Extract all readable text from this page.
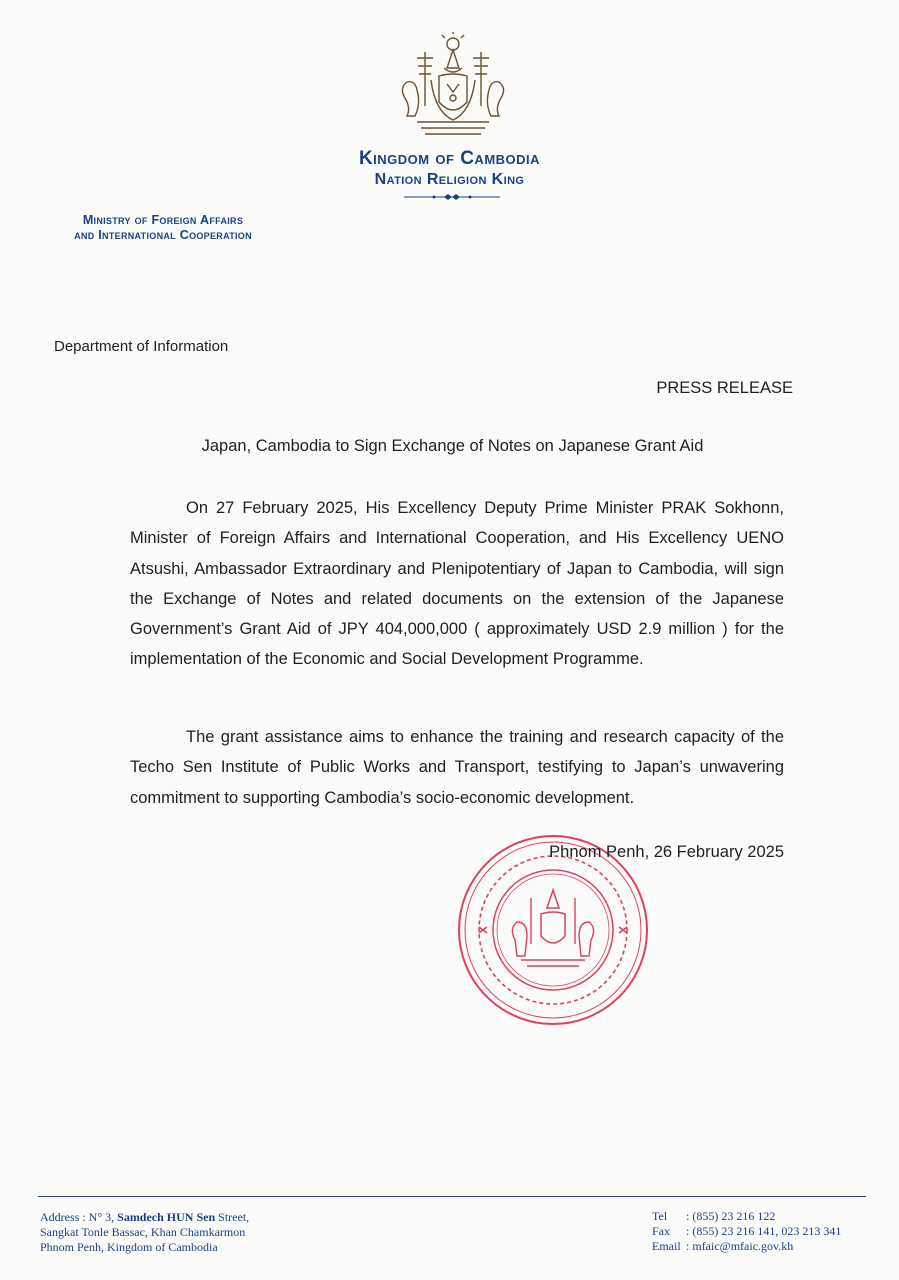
Kingdom of Cambodia
Nation Religion King
Ministry of Foreign Affairs
and International Cooperation
Department of Information
PRESS RELEASE
Japan, Cambodia to Sign Exchange of Notes on Japanese Grant Aid
On 27 February 2025, His Excellency Deputy Prime Minister PRAK Sokhonn, Minister of Foreign Affairs and International Cooperation, and His Excellency UENO Atsushi, Ambassador Extraordinary and Plenipotentiary of Japan to Cambodia, will sign the Exchange of Notes and related documents on the extension of the Japanese Government’s Grant Aid of JPY 404,000,000 ( approximately USD 2.9 million ) for the implementation of the Economic and Social Development Programme.
The grant assistance aims to enhance the training and research capacity of the Techo Sen Institute of Public Works and Transport, testifying to Japan’s unwavering commitment to supporting Cambodia’s socio-economic development.
Phnom Penh, 26 February 2025
Address : N° 3, Samdech HUN Sen Street,
Sangkat Tonle Bassac, Khan Chamkarmon
Phnom Penh, Kingdom of Cambodia
Tel : (855) 23 216 122
Fax : (855) 23 216 141, 023 213 341
Email : mfaic@mfaic.gov.kh
